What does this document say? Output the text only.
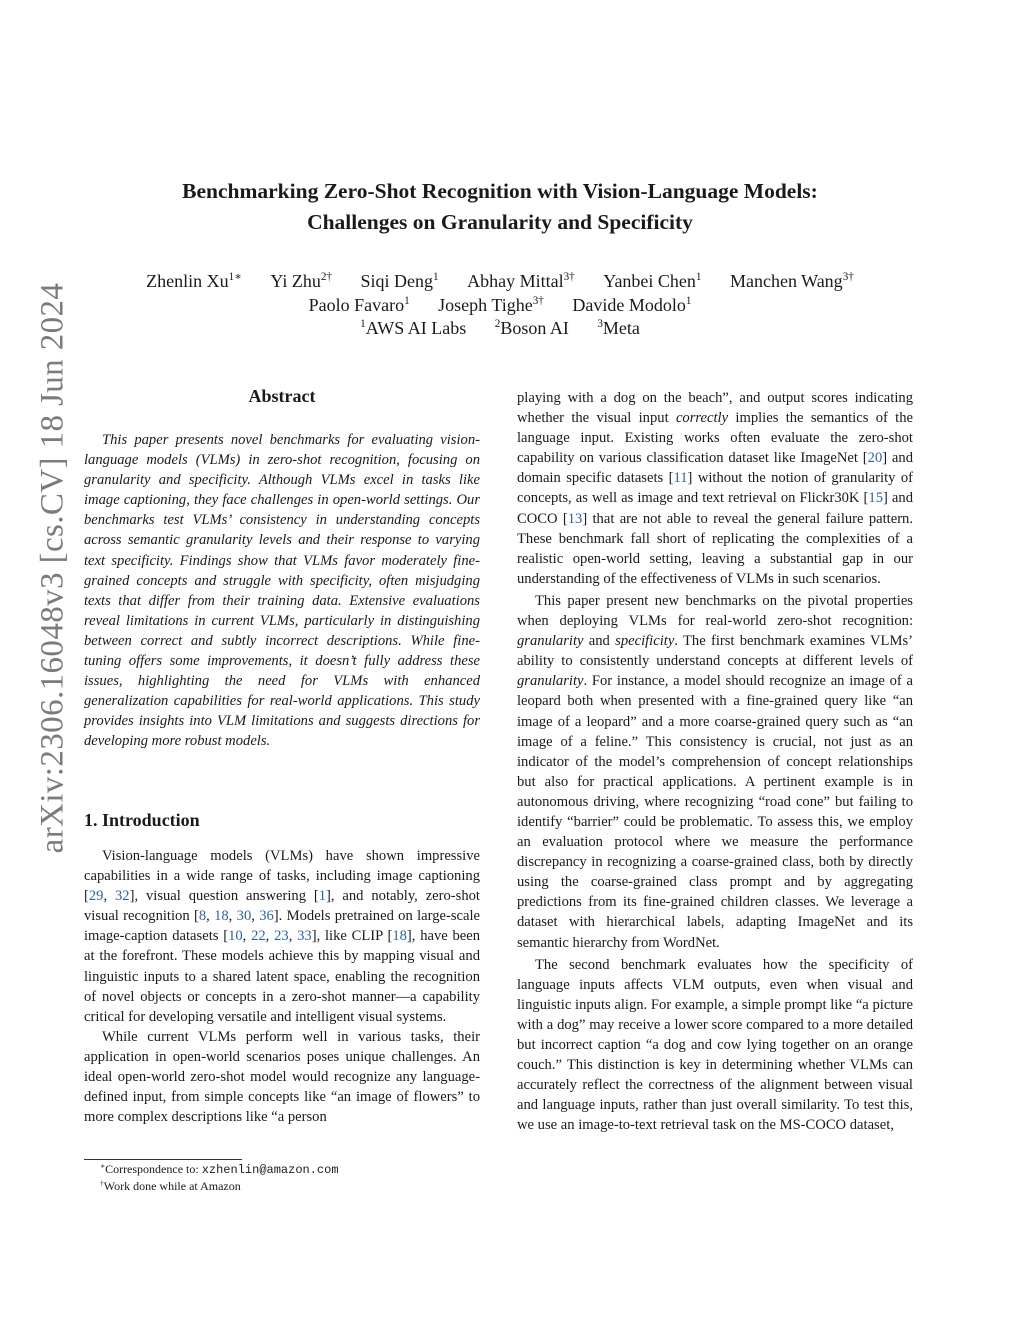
Benchmarking Zero-Shot Recognition with Vision-Language Models:
Challenges on Granularity and Specificity
Zhenlin $Xu^{1∗}$ Yi Zhu$^{2\dagger}$ Siqi Deng$^1$ Abhay Mittal$^{3\dagger}$ Yanbei Chen$^1$ Manchen Wang$^{3\dagger}$
Paolo Favaro$^1$ Joseph Tighe$^{3\dagger}$ Davide Modolo$^1$
$^1$AWS AI Labs	$^2$Boson AI	$^3$Meta
arXiv:2306.16048v3 [cs.CV] 18 Jun 2024	Abstract

This paper presents novel benchmarks for evaluating vision-language models (VLMs) in zero-shot recognition, focusing on granularity and specificity. Although VLMs excel in tasks like image captioning, they face challenges in open-world settings. Our benchmarks test VLMs’ consistency in understanding concepts across semantic granularity levels and their response to varying text specificity. Findings show that VLMs favor moderately fine-grained concepts and struggle with specificity, often misjudging texts that differ from their training data. Extensive evaluations reveal limitations in current VLMs, particularly in distinguishing between correct and subtly incorrect descriptions. While fine-tuning offers some improvements, it doesn’t fully address these issues, highlighting the need for VLMs with enhanced generalization capabilities for real-world applications. This study provides insights into VLM limitations and suggests directions for developing more robust models.

1. Introduction

Vision-language models (VLMs) have shown impressive capabilities in a wide range of tasks, including image captioning [29, 32], visual question answering [1], and notably, zero-shot visual recognition [8, 18, 30, 36]. Models pretrained on large-scale image-caption datasets [10, 22, 23, 33], like CLIP [18], have been at the forefront. These models achieve this by mapping visual and linguistic inputs to a shared latent space, enabling the recognition of novel objects or concepts in a zero-shot manner—a capability critical for developing versatile and intelligent visual systems.

While current VLMs perform well in various tasks, their application in open-world scenarios poses unique challenges. An ideal open-world zero-shot model would recognize any language-defined input, from simple concepts like “an image of flowers” to more complex descriptions like “a person

∗Correspondence to: xzhenlin@amazon.com
†Work done while at Amazon

playing with a dog on the beach”, and output scores indicating whether the visual input correctly implies the semantics of the language input. Existing works often evaluate the zero-shot capability on various classification dataset like ImageNet [20] and domain specific datasets [11] without the notion of granularity of concepts, as well as image and text retrieval on Flickr30K [15] and COCO [13] that are not able to reveal the general failure pattern. These benchmark fall short of replicating the complexities of a realistic open-world setting, leaving a substantial gap in our understanding of the effectiveness of VLMs in such scenarios.

This paper present new benchmarks on the pivotal properties when deploying VLMs for real-world zero-shot recognition: granularity and specificity. The first benchmark examines VLMs’ ability to consistently understand concepts at different levels of granularity. For instance, a model should recognize an image of a leopard both when presented with a fine-grained query like “an image of a leopard” and a more coarse-grained query such as “an image of a feline.” This consistency is crucial, not just as an indicator of the model’s comprehension of concept relationships but also for practical applications. A pertinent example is in autonomous driving, where recognizing “road cone” but failing to identify “barrier” could be problematic. To assess this, we employ an evaluation protocol where we measure the performance discrepancy in recognizing a coarse-grained class, both by directly using the coarse-grained class prompt and by aggregating predictions from its fine-grained children classes. We leverage a dataset with hierarchical labels, adapting ImageNet and its semantic hierarchy from WordNet.

The second benchmark evaluates how the specificity of language inputs affects VLM outputs, even when visual and linguistic inputs align. For example, a simple prompt like “a picture with a dog” may receive a lower score compared to a more detailed but incorrect caption “a dog and cow lying together on an orange couch.” This distinction is key in determining whether VLMs can accurately reflect the correctness of the alignment between visual and language inputs, rather than just overall similarity. To test this, we use an image-to-text retrieval task on the MS-COCO dataset,
